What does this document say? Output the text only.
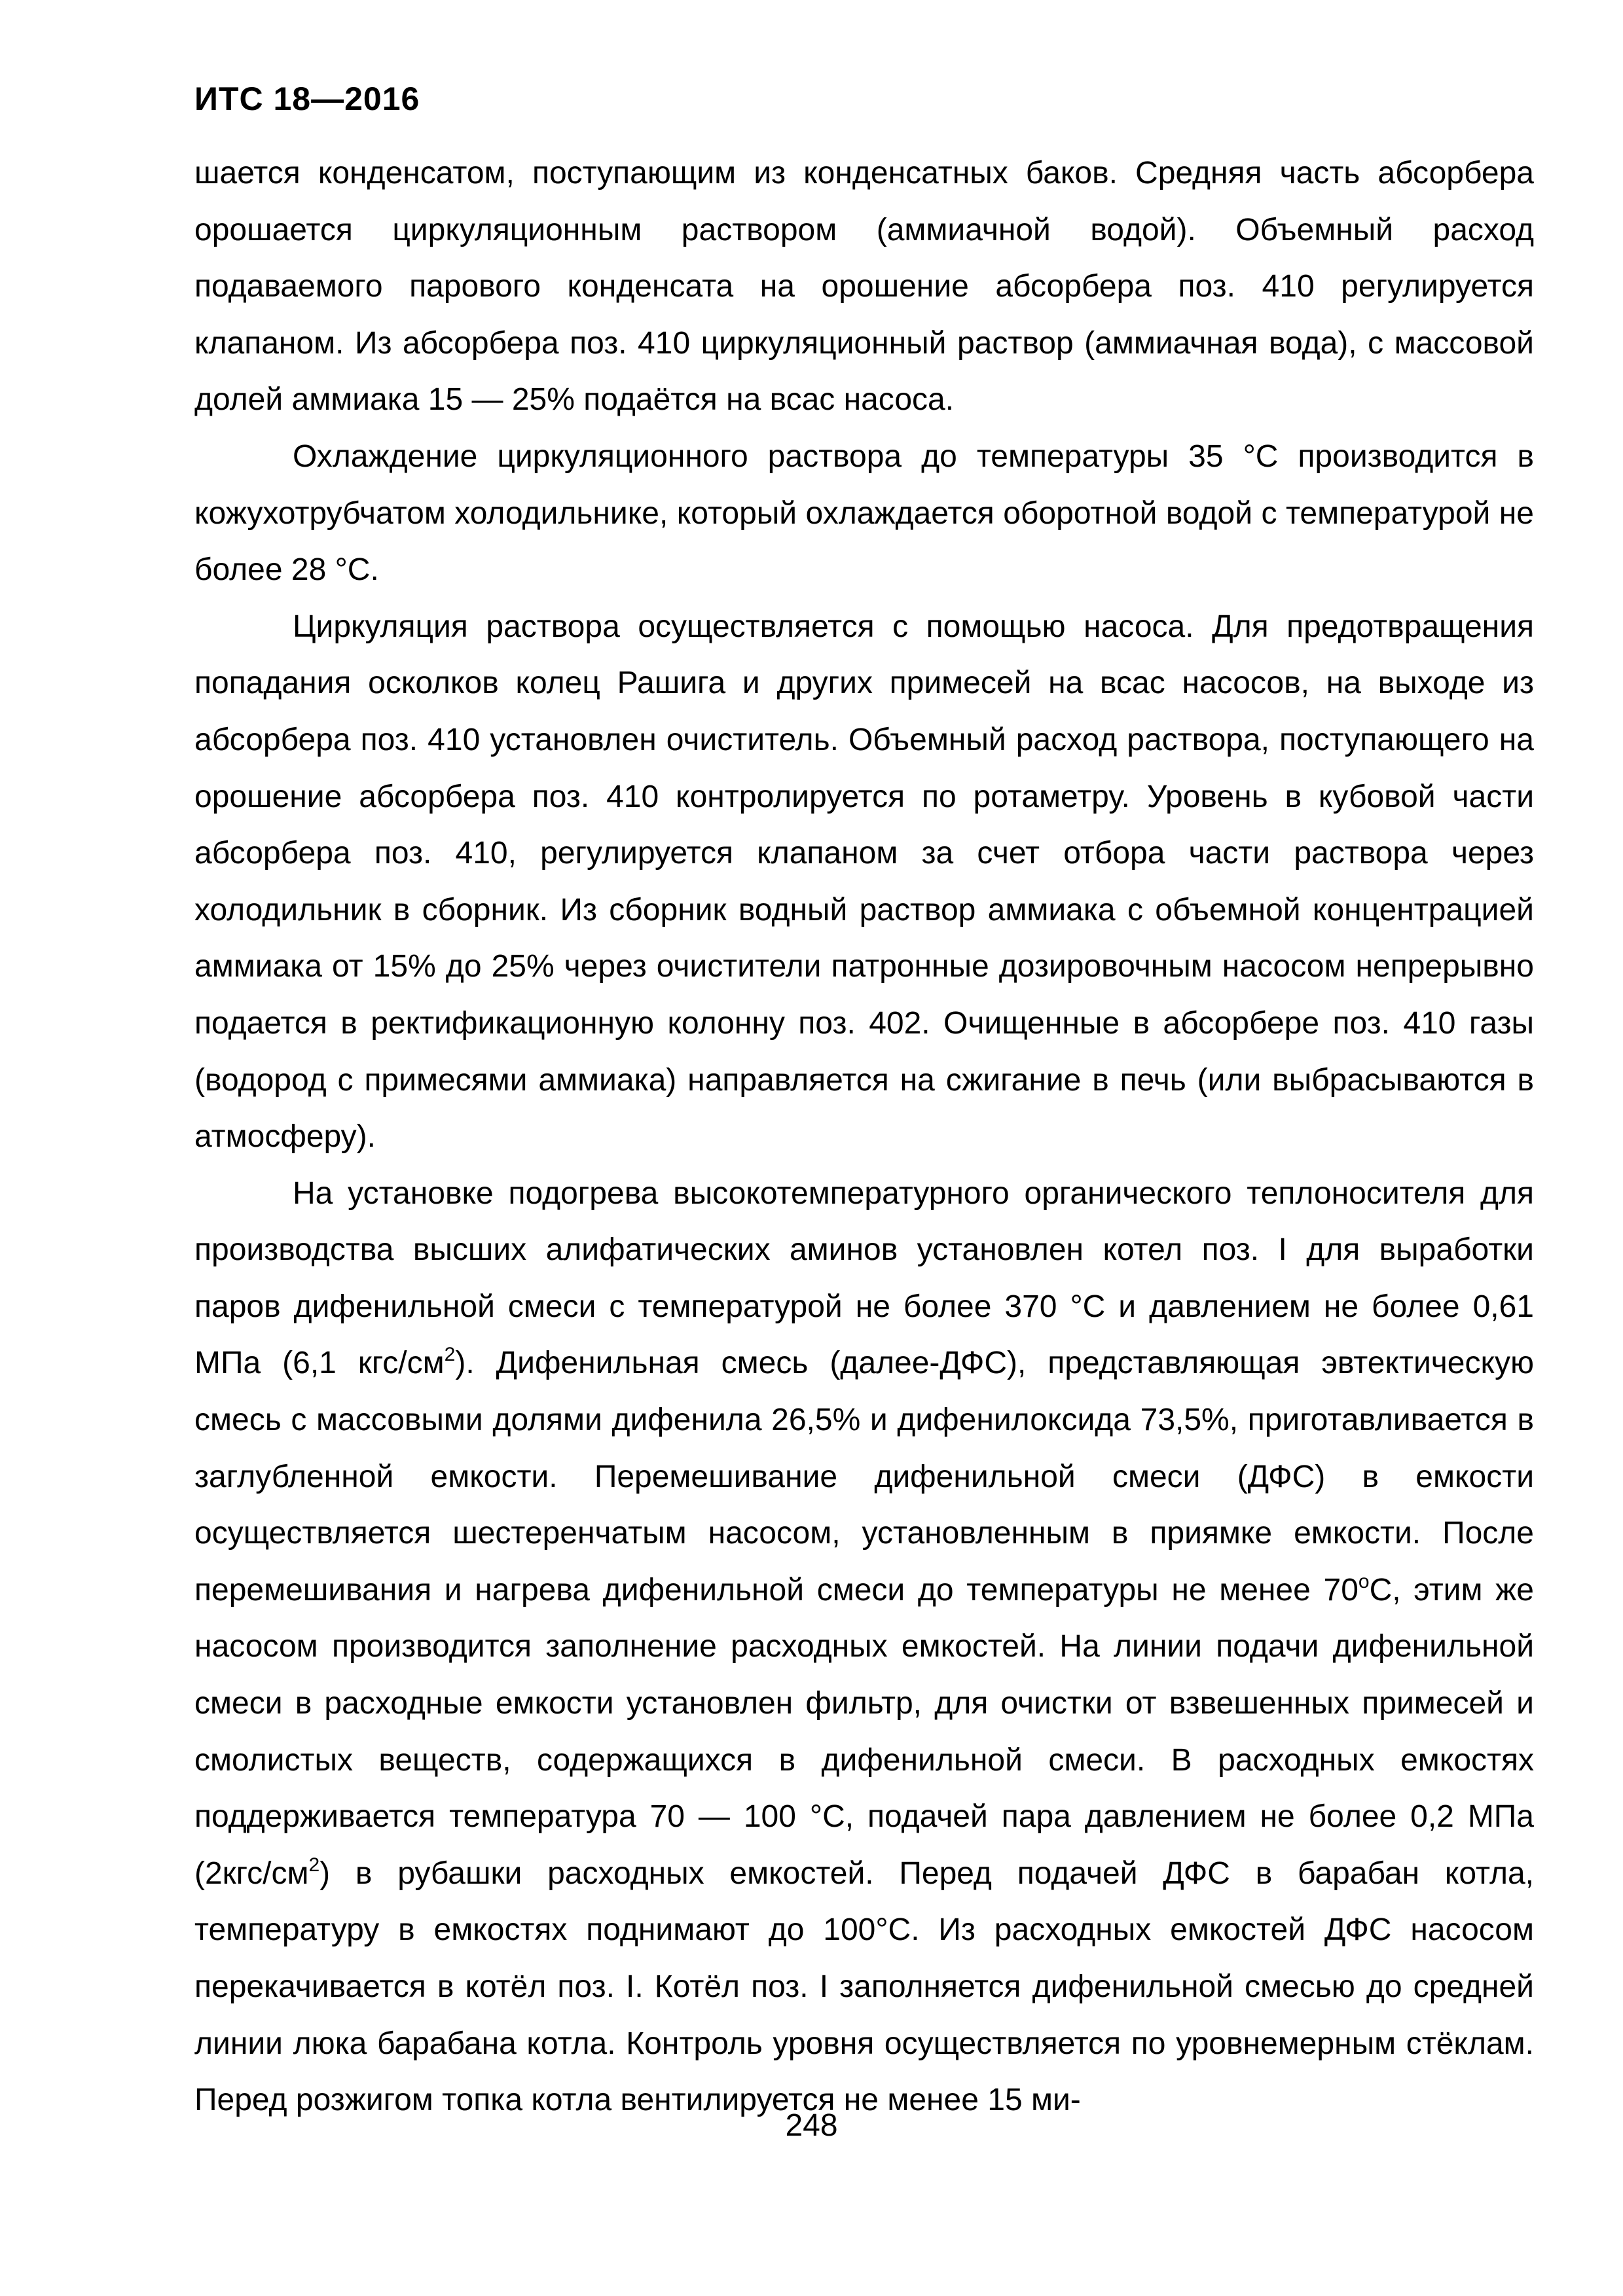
ИТС 18—2016

шается конденсатом, поступающим из конденсатных баков. Средняя часть абсорбера орошается циркуляционным раствором (аммиачной водой). Объемный расход подаваемого парового конденсата на орошение абсорбера поз. 410 регулируется клапаном. Из абсорбера поз. 410 циркуляционный раствор (аммиачная вода), с массовой долей аммиака 15 — 25% подаётся на всас насоса.

Охлаждение циркуляционного раствора до температуры 35 °С производится в кожухотрубчатом холодильнике, который охлаждается оборотной водой с температурой не более 28 °С.

Циркуляция раствора осуществляется с помощью насоса. Для предотвращения попадания осколков колец Рашига и других примесей на всас насосов, на выходе из абсорбера поз. 410 установлен очиститель. Объемный расход раствора, поступающего на орошение абсорбера поз. 410 контролируется по ротаметру. Уровень в кубовой части абсорбера поз. 410, регулируется клапаном за счет отбора части раствора через холодильник в сборник. Из сборник водный раствор аммиака с объемной концентрацией аммиака от 15% до 25% через очистители патронные дозировочным насосом непрерывно подается в ректификационную колонну поз. 402. Очищенные в абсорбере поз. 410 газы (водород с примесями аммиака) направляется на сжигание в печь (или выбрасываются в атмосферу).

На установке подогрева высокотемпературного органического теплоносителя для производства высших алифатических аминов установлен котел поз. I для выработки паров дифенильной смеси с температурой не более 370 °С и давлением не более 0,61 МПа (6,1 кгс/$см^2$). Дифенильная смесь (далее-ДФС), представляющая эвтектическую смесь с массовыми долями дифенила 26,5% и дифенилоксида 73,5%, приготавливается в заглубленной емкости. Перемешивание дифенильной смеси (ДФС) в емкости осуществляется шестеренчатым насосом, установленным в приямке емкости. После перемешивания и нагрева дифенильной смеси до температуры не менее $70^оС$, этим же насосом производится заполнение расходных емкостей. На линии подачи дифенильной смеси в расходные емкости установлен фильтр, для очистки от взвешенных примесей и смолистых веществ, содержащихся в дифенильной смеси. В расходных емкостях поддерживается температура 70 — 100 °С, подачей пара давлением не более 0,2 МПа $(2кгс/см^2)$ в рубашки расходных емкостей. Перед подачей ДФС в барабан котла, температуру в емкостях поднимают до 100°С. Из расходных емкостей ДФС насосом перекачивается в котёл поз. I. Котёл поз. I заполняется дифенильной смесью до средней линии люка барабана котла. Контроль уровня осуществляется по уровнемерным стёклам. Перед розжигом топка котла вентилируется не менее 15 ми-

248
